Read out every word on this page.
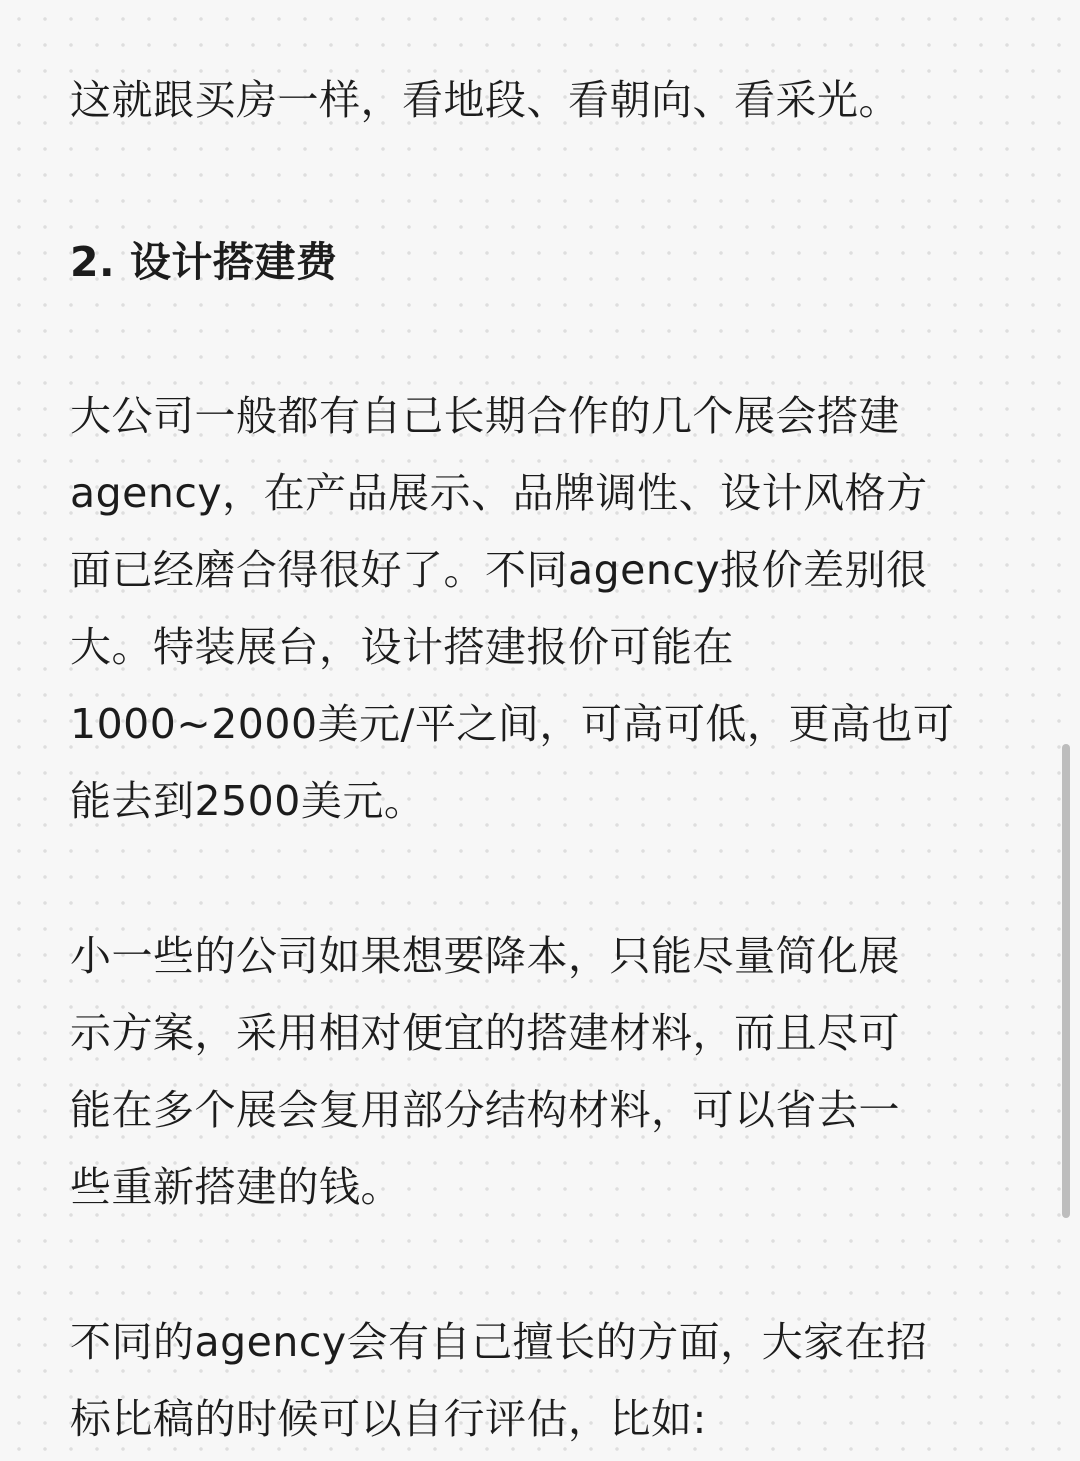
这就跟买房一样，看地段、看朝向、看采光。
2. 设计搭建费
大公司一般都有自己长期合作的几个展会搭建
agency，在产品展示、品牌调性、设计风格方
面已经磨合得很好了。不同agency报价差别很
大。特装展台，设计搭建报价可能在
1000~2000美元/平之间，可高可低，更高也可
能去到2500美元。
小一些的公司如果想要降本，只能尽量简化展
示方案，采用相对便宜的搭建材料，而且尽可
能在多个展会复用部分结构材料，可以省去一
些重新搭建的钱。
不同的agency会有自己擅长的方面，大家在招
标比稿的时候可以自行评估，比如:
